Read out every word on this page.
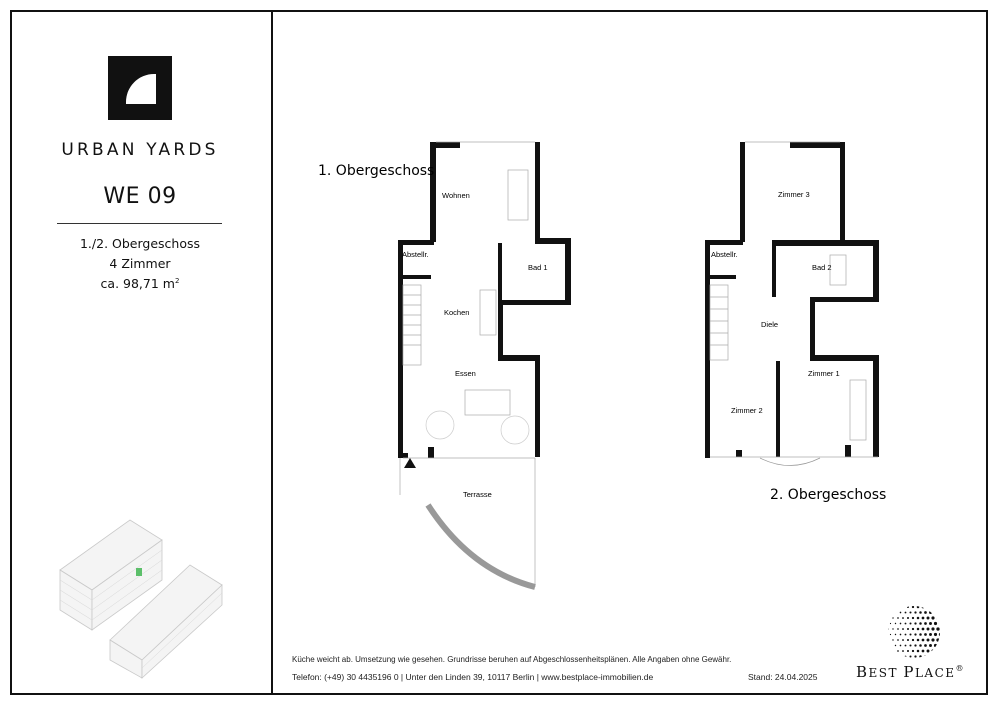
URBAN YARDS
WE 09
1./2. Obergeschoss
4 Zimmer
ca. 98,71 $m^2$
Wohnen
Abstellr.
Bad 1
Kochen
Essen
Terrasse
1. Obergeschoss
Zimmer 3
Abstellr.
Bad 2
Diele
Zimmer 2
Zimmer 1
2. Obergeschoss
Küche weicht ab. Umsetzung wie gesehen. Grundrisse beruhen auf Abgeschlossenheitsplänen. Alle Angaben ohne Gewähr.
Telefon: (+49) 30 4435196 0 | Unter den Linden 39, 10117 Berlin | www.bestplace-immobilien.de	Stand: 24.04.2025	BEST PLACE®
